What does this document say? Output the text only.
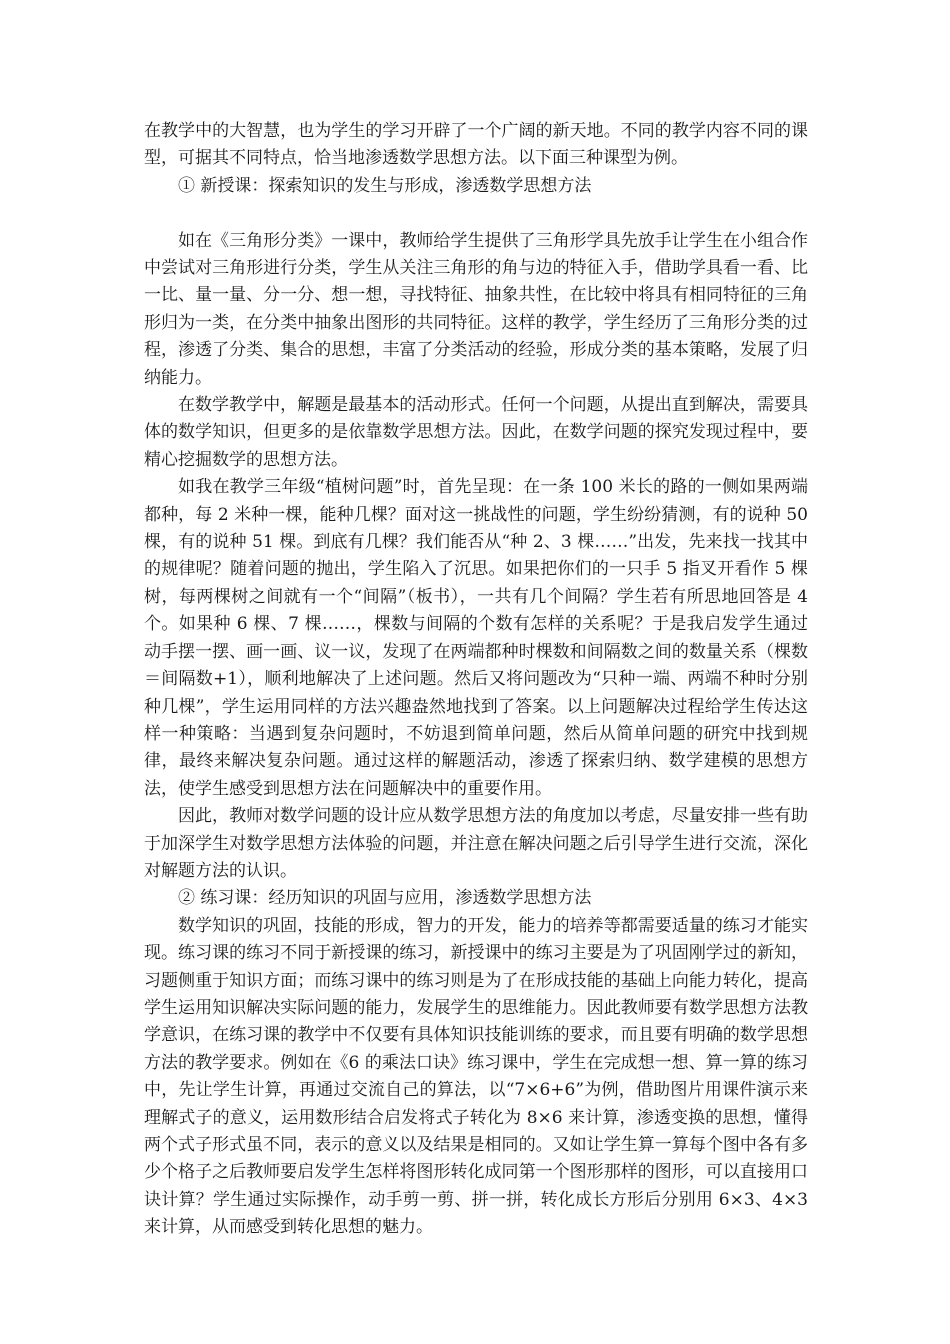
在教学中的大智慧，也为学生的学习开辟了一个广阔的新天地。不同的教学内容不同的课型，可据其不同特点，恰当地渗透数学思想方法。以下面三种课型为例。

① 新授课：探索知识的发生与形成，渗透数学思想方法

如在《三角形分类》一课中，教师给学生提供了三角形学具先放手让学生在小组合作中尝试对三角形进行分类，学生从关注三角形的角与边的特征入手，借助学具看一看、比一比、量一量、分一分、想一想，寻找特征、抽象共性，在比较中将具有相同特征的三角形归为一类，在分类中抽象出图形的共同特征。这样的教学，学生经历了三角形分类的过程，渗透了分类、集合的思想，丰富了分类活动的经验，形成分类的基本策略，发展了归纳能力。

在数学教学中，解题是最基本的活动形式。任何一个问题，从提出直到解决，需要具体的数学知识，但更多的是依靠数学思想方法。因此，在数学问题的探究发现过程中，要精心挖掘数学的思想方法。

如我在教学三年级“植树问题”时，首先呈现：在一条 100 米长的路的一侧如果两端都种，每 2 米种一棵，能种几棵？面对这一挑战性的问题，学生纷纷猜测，有的说种 50 棵，有的说种 51 棵。到底有几棵？我们能否从“种 2、3 棵……”出发，先来找一找其中的规律呢？随着问题的抛出，学生陷入了沉思。如果把你们的一只手 5 指叉开看作 5 棵树，每两棵树之间就有一个“间隔”（板书），一共有几个间隔？学生若有所思地回答是 4 个。如果种 6 棵、7 棵……，棵数与间隔的个数有怎样的关系呢？于是我启发学生通过动手摆一摆、画一画、议一议，发现了在两端都种时棵数和间隔数之间的数量关系（棵数＝间隔数+1），顺利地解决了上述问题。然后又将问题改为“只种一端、两端不种时分别种几棵”，学生运用同样的方法兴趣盎然地找到了答案。以上问题解决过程给学生传达这样一种策略：当遇到复杂问题时，不妨退到简单问题，然后从简单问题的研究中找到规律，最终来解决复杂问题。通过这样的解题活动，渗透了探索归纳、数学建模的思想方法，使学生感受到思想方法在问题解决中的重要作用。

因此，教师对数学问题的设计应从数学思想方法的角度加以考虑，尽量安排一些有助于加深学生对数学思想方法体验的问题，并注意在解决问题之后引导学生进行交流，深化对解题方法的认识。

② 练习课：经历知识的巩固与应用，渗透数学思想方法

数学知识的巩固，技能的形成，智力的开发，能力的培养等都需要适量的练习才能实现。练习课的练习不同于新授课的练习，新授课中的练习主要是为了巩固刚学过的新知，习题侧重于知识方面；而练习课中的练习则是为了在形成技能的基础上向能力转化，提高学生运用知识解决实际问题的能力，发展学生的思维能力。因此教师要有数学思想方法教学意识，在练习课的教学中不仅要有具体知识技能训练的要求，而且要有明确的数学思想方法的教学要求。例如在《6 的乘法口诀》练习课中，学生在完成想一想、算一算的练习中，先让学生计算，再通过交流自己的算法，以“7×6+6”为例，借助图片用课件演示来理解式子的意义，运用数形结合启发将式子转化为 8×6 来计算，渗透变换的思想，懂得两个式子形式虽不同，表示的意义以及结果是相同的。又如让学生算一算每个图中各有多少个格子之后教师要启发学生怎样将图形转化成同第一个图形那样的图形，可以直接用口诀计算？学生通过实际操作，动手剪一剪、拼一拼，转化成长方形后分别用 6×3、4×3 来计算，从而感受到转化思想的魅力。
